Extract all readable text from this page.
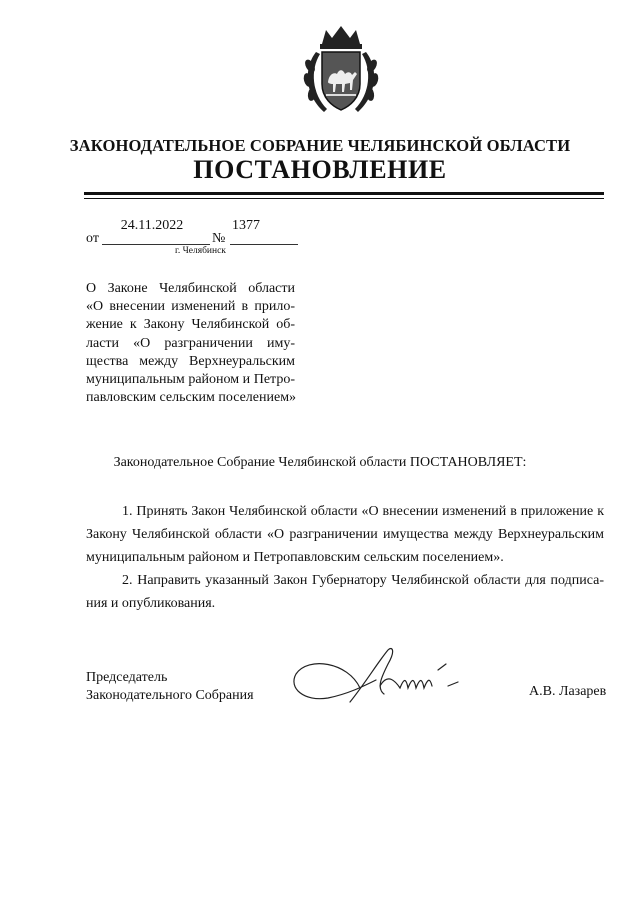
ЗАКОНОДАТЕЛЬНОЕ СОБРАНИЕ ЧЕЛЯБИНСКОЙ ОБЛАСТИ
ПОСТАНОВЛЕНИЕ
от
24.11.2022
№
1377
г. Челябинск
О Законе Челябинской области
«О внесении изменений в прило-
жение к Закону Челябинской об-
ласти «О разграничении иму-
щества между Верхнеуральским
муниципальным районом и Петро-
павловским сельским поселением»
Законодательное Собрание Челябинской области ПОСТАНОВЛЯЕТ:
1. Принять Закон Челябинской области «О внесении изменений в приложение к
Закону Челябинской области «О разграничении имущества между Верхнеуральским
муниципальным районом и Петропавловским сельским поселением».
2. Направить указанный Закон Губернатору Челябинской области для подписа-
ния и опубликования.
Председатель
Законодательного Собрания	А.В. Лазарев
